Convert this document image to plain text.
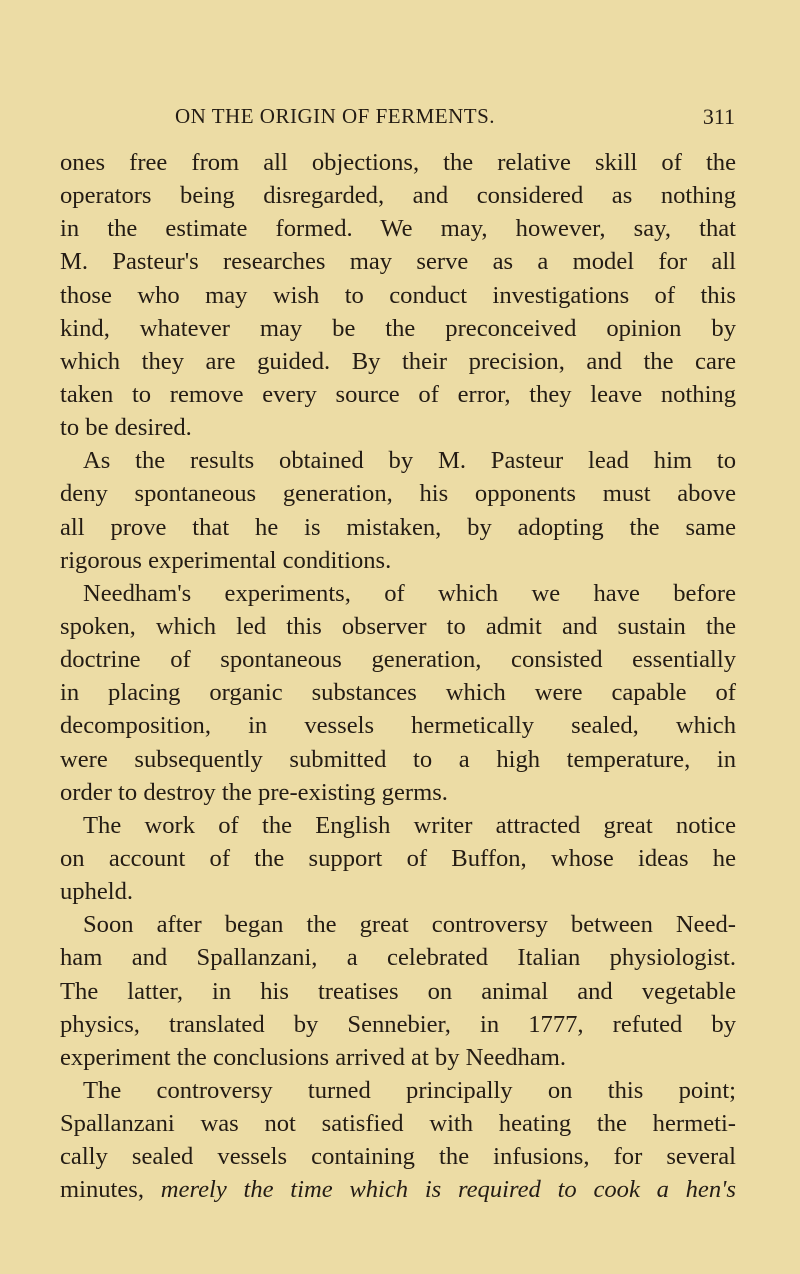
ON THE ORIGIN OF FERMENTS.	311
ones free from all objections, the relative skill of the
operators being disregarded, and considered as nothing
in the estimate formed. We may, however, say, that
M. Pasteur's researches may serve as a model for all
those who may wish to conduct investigations of this
kind, whatever may be the preconceived opinion by
which they are guided. By their precision, and the care
taken to remove every source of error, they leave nothing
to be desired.
As the results obtained by M. Pasteur lead him to
deny spontaneous generation, his opponents must above
all prove that he is mistaken, by adopting the same
rigorous experimental conditions.
Needham's experiments, of which we have before
spoken, which led this observer to admit and sustain the
doctrine of spontaneous generation, consisted essentially
in placing organic substances which were capable of
decomposition, in vessels hermetically sealed, which
were subsequently submitted to a high temperature, in
order to destroy the pre-existing germs.
The work of the English writer attracted great notice
on account of the support of Buffon, whose ideas he
upheld.
Soon after began the great controversy between Need-
ham and Spallanzani, a celebrated Italian physiologist.
The latter, in his treatises on animal and vegetable
physics, translated by Sennebier, in 1777, refuted by
experiment the conclusions arrived at by Needham.
The controversy turned principally on this point;
Spallanzani was not satisfied with heating the hermeti-
cally sealed vessels containing the infusions, for several
minutes, merely the time which is required to cook a hen's
